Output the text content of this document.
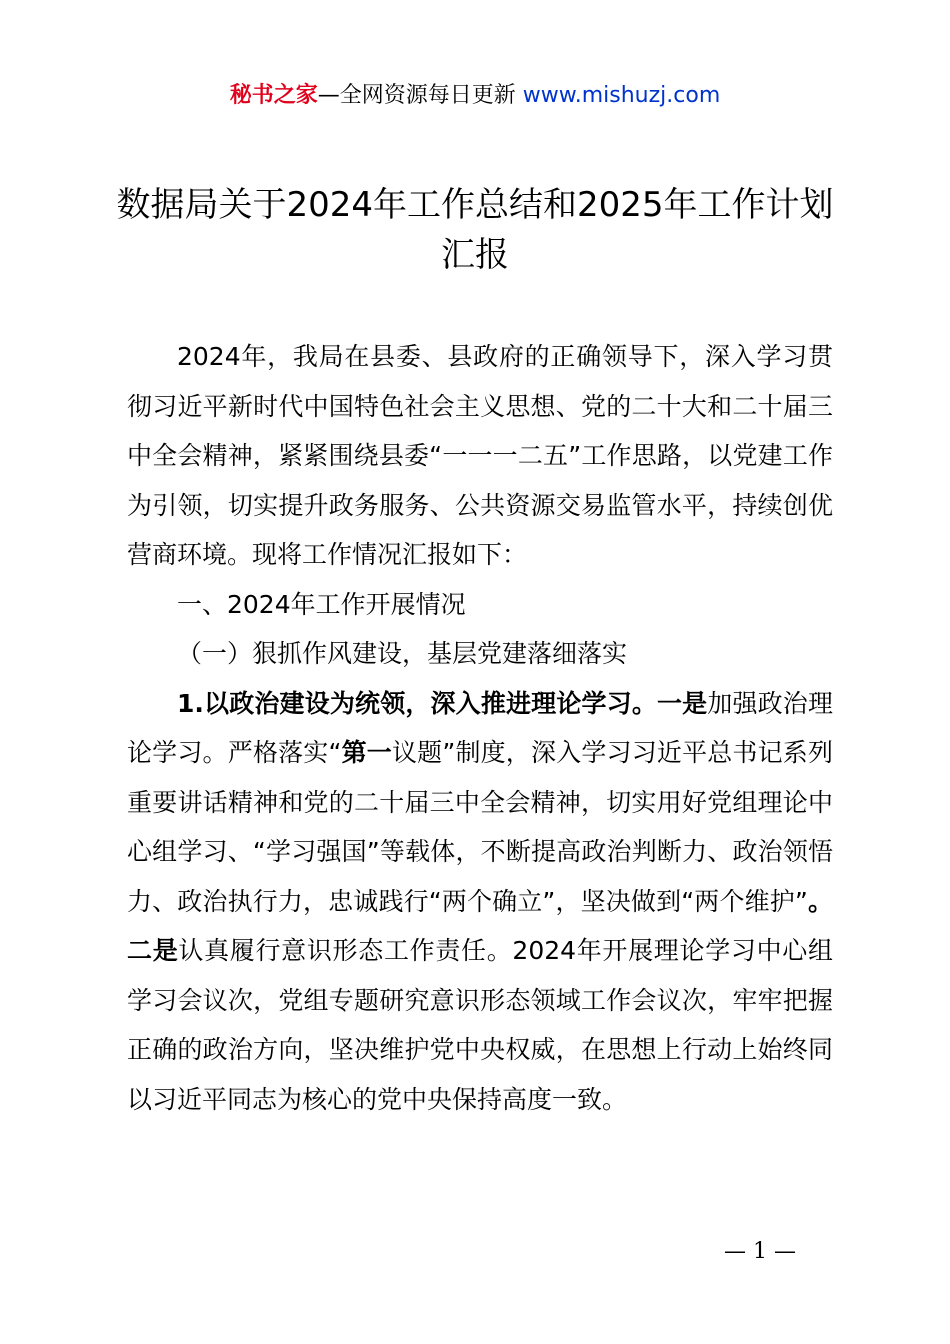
秘书之家—全网资源每日更新 www.mishuzj.com
数据局关于2024年工作总结和2025年工作计划汇报

2024年，我局在县委、县政府的正确领导下，深入学习贯彻习近平新时代中国特色社会主义思想、党的二十大和二十届三中全会精神，紧紧围绕县委“一一一二五”工作思路，以党建工作为引领，切实提升政务服务、公共资源交易监管水平，持续创优营商环境。现将工作情况汇报如下：

一、2024年工作开展情况

（一）狠抓作风建设，基层党建落细落实

1.以政治建设为统领，深入推进理论学习。一是加强政治理论学习。严格落实“第一议题”制度，深入学习习近平总书记系列重要讲话精神和党的二十届三中全会精神，切实用好党组理论中心组学习、“学习强国”等载体，不断提高政治判断力、政治领悟力、政治执行力，忠诚践行“两个确立”，坚决做到“两个维护”。二是认真履行意识形态工作责任。2024年开展理论学习中心组学习会议次，党组专题研究意识形态领域工作会议次，牢牢把握正确的政治方向，坚决维护党中央权威，在思想上行动上始终同以习近平同志为核心的党中央保持高度一致。

— 1 —
